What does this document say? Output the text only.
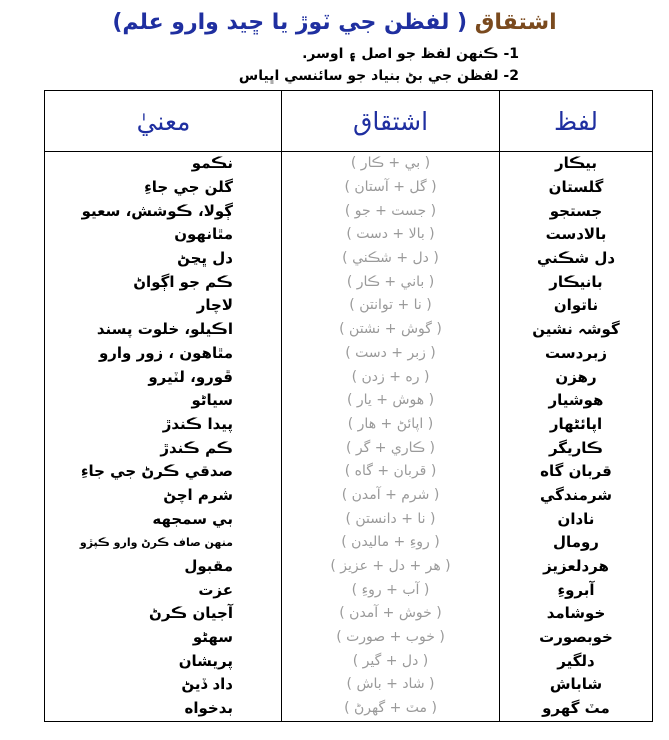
اشتقاق ( لفظن جي ٽوڙ يا ڇيد وارو علم)
1- ڪنهن لفظ جو اصل ۽ اوسر.
2- لفظن جي بڻ بنياد جو سائنسي اڀياس
لفظ	اشتقاق	معنيٰ
بيڪار	( بي + ڪار )	نڪمو
گلستان	( گل + آستان )	گلن جي جاءِ
جستجو	( جست + جو )	ڳولا، ڪوشش، سعيو
بالادست	( بالا + دست )	مٿانهون
دل شڪني	( دل + شڪني )	دل ڀڃڻ
بانيڪار	( باني + ڪار )	ڪم جو اڳواڻ
ناتوان	( نا + توانتن )	لاچار
گوشہ نشين	( گوش + نشتن )	اڪيلو، خلوت پسند
زبردست	( زبر + دست )	مٿاهون ، زور وارو
رهزن	( ره + زدن )	ڦورو، لٽيرو
هوشيار	( هوش + يار )	سياڻو
اپائڻهار	( اپائڻ + هار )	پيدا ڪندڙ
ڪاريگر	( ڪاري + گر )	ڪم ڪندڙ
قربان گاه	( قربان + گاه )	صدقي ڪرڻ جي جاءِ
شرمندگي	( شرم + آمدن )	شرم اچڻ
نادان	( نا + دانستن )	بي سمجهه
رومال	( روءِ + ماليدن )	منهن صاف ڪرڻ وارو ڪپڙو
هردلعزيز	( هر + دل + عزيز )	مقبول
آبروءِ	( آب + روءِ )	عزت
خوشامد	( خوش + آمدن )	آجيان ڪرڻ
خوبصورت	( خوب + صورت )	سهڻو
دلگير	( دل + گير )	پريشان
شاباش	( شاد + باش )	داد ڏيڻ
مٽ گهرو	( مٽ + گهرڻ )	بدخواه
